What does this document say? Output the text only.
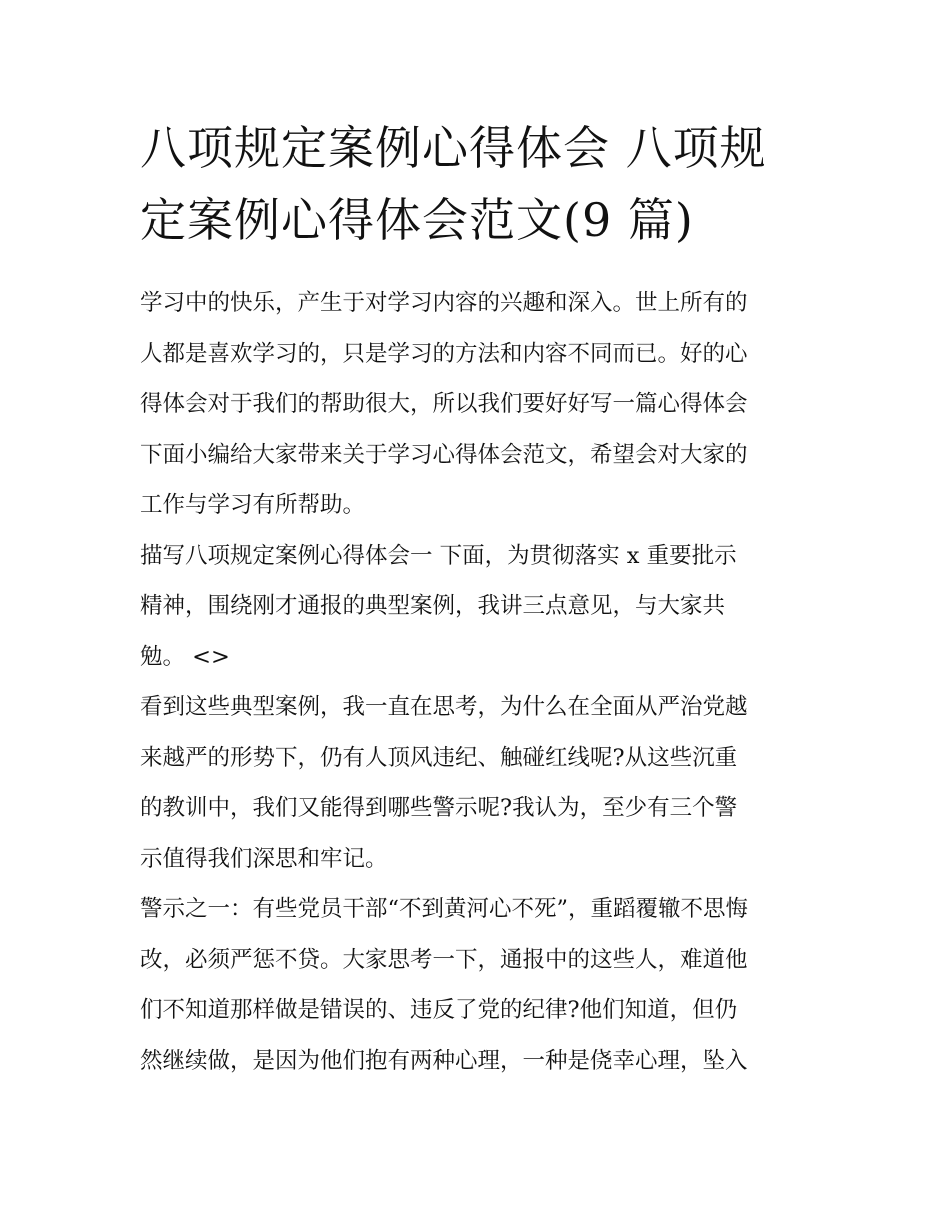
八项规定案例心得体会 八项规
定案例心得体会范文(9 篇)
学习中的快乐，产生于对学习内容的兴趣和深入。世上所有的
人都是喜欢学习的，只是学习的方法和内容不同而已。好的心
得体会对于我们的帮助很大，所以我们要好好写一篇心得体会
下面小编给大家带来关于学习心得体会范文，希望会对大家的
工作与学习有所帮助。
描写八项规定案例心得体会一 下面，为贯彻落实 x 重要批示
精神，围绕刚才通报的典型案例，我讲三点意见，与大家共
勉。 <>
看到这些典型案例，我一直在思考，为什么在全面从严治党越
来越严的形势下，仍有人顶风违纪、触碰红线呢?从这些沉重
的教训中，我们又能得到哪些警示呢?我认为，至少有三个警
示值得我们深思和牢记。
警示之一：有些党员干部“不到黄河心不死”，重蹈覆辙不思悔
改，必须严惩不贷。大家思考一下，通报中的这些人，难道他
们不知道那样做是错误的、违反了党的纪律?他们知道，但仍
然继续做，是因为他们抱有两种心理，一种是侥幸心理，坠入
